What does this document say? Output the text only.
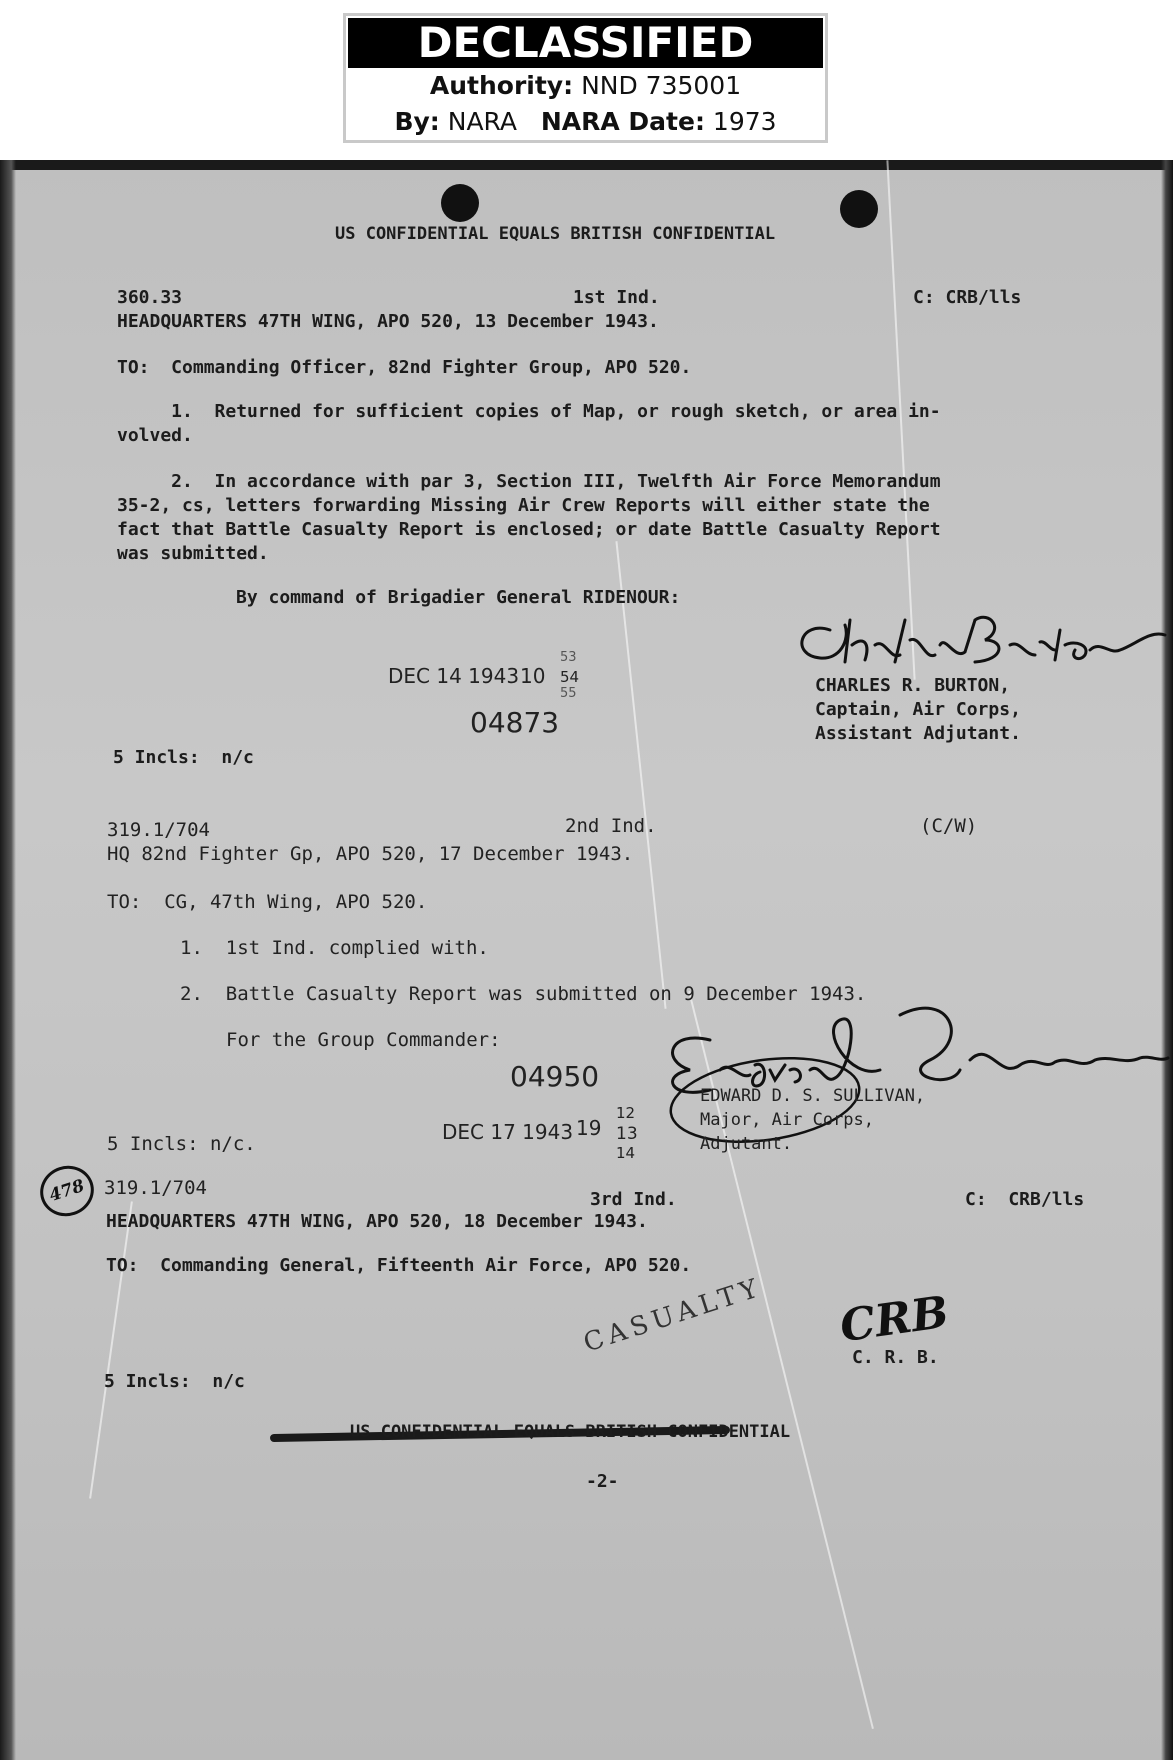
DECLASSIFIED
Authority: NND 735001
By: NARA NARA Date: 1973
US CONFIDENTIAL EQUALS BRITISH CONFIDENTIAL
360.33	1st Ind.	C: CRB/lls
HEADQUARTERS 47TH WING, APO 520, 13 December 1943.
TO:  Commanding Officer, 82nd Fighter Group, APO 520.
1.  Returned for sufficient copies of Map, or rough sketch, or area in-
volved.
2.  In accordance with par 3, Section III, Twelfth Air Force Memorandum
35-2, cs, letters forwarding Missing Air Crew Reports will either state the
fact that Battle Casualty Report is enclosed; or date Battle Casualty Report
was submitted.
By command of Brigadier General RIDENOUR:
CHARLES R. BURTON,
Captain, Air Corps,
Assistant Adjutant.
DEC 14 1943 10
53
54
55
04873
5 Incls:  n/c
319.1/704	2nd Ind.	(C/W)
HQ 82nd Fighter Gp, APO 520, 17 December 1943.
TO:  CG, 47th Wing, APO 520.
1.  1st Ind. complied with.
2.  Battle Casualty Report was submitted on 9 December 1943.
For the Group Commander:
EDWARD D. S. SULLIVAN,
Major, Air Corps,
Adjutant.
04950
DEC 17 1943 19
12
13
14
5 Incls: n/c.
478 319.1/704
3rd Ind.	C:  CRB/lls
HEADQUARTERS 47TH WING, APO 520, 18 December 1943.
TO:  Commanding General, Fifteenth Air Force, APO 520.
CASUALTY CRB
C. R. B.
5 Incls:  n/c
US CONFIDENTIAL EQUALS BRITISH CONFIDENTIAL
-2-
